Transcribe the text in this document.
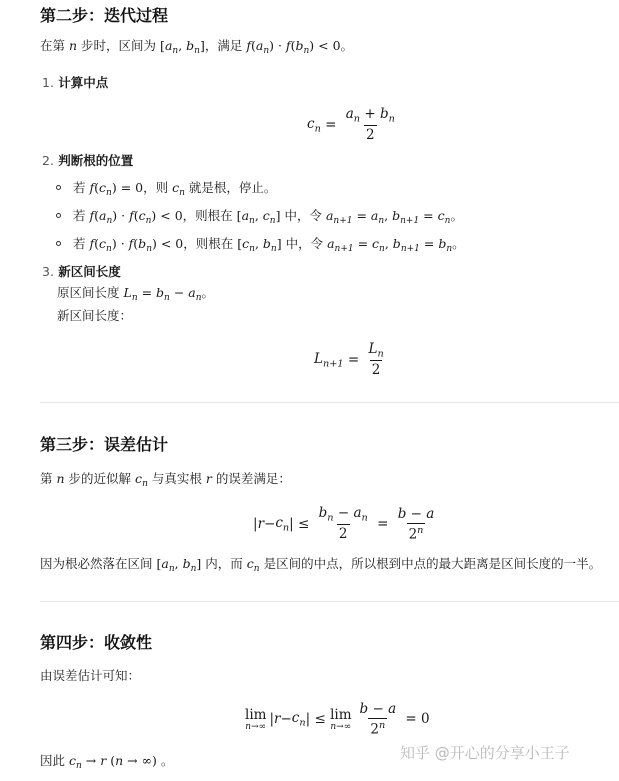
第二步：迭代过程
在第 n 步时，区间为 [$a_n$, $b_n$]，满足 $f(a_n) \cdot f(b_n) < 0$。
1. 计算中点
$c_n = \frac{a_n + b_n}{2}$
2. 判断根的位置
若 $f(c_n) = 0$，则 $c_n$ 就是根，停止。
若 $f(a_n) \cdot f(c_n) < 0$，则根在 [$a_n$, $c_n$] 中，令 $a_{n+1} = a_n$, $b_{n+1} = c_n$。
若 $f(c_n) \cdot f(b_n) < 0$，则根在 [$c_n$, $b_n$] 中，令 $a_{n+1} = c_n$, $b_{n+1} = b_n$。
3. 新区间长度
原区间长度 $L_n = b_n - a_n$。
新区间长度：
$L_{n+1} = \frac{L_n}{2}$
第三步：误差估计
第 n 步的近似解 $c_n$ 与真实根 r 的误差满足：
| $r - c_n$ | ≤ $\frac{b_n - a_n}{2} = \frac{b - a}{2^n}$
因为根必然落在区间 [$a_n$, $b_n$] 内，而 $c_n$ 是区间的中点，所以根到中点的最大距离是区间长度的一半。
第四步：收敛性
由误差估计可知：
lim
n→∞ | $r - c_n$ | ≤ lim
$n\to\infty \frac{b - a}{2^n} = 0$
因此 $c_n \to r$ (n → ∞) 。	知乎 @开心的分享小王子
